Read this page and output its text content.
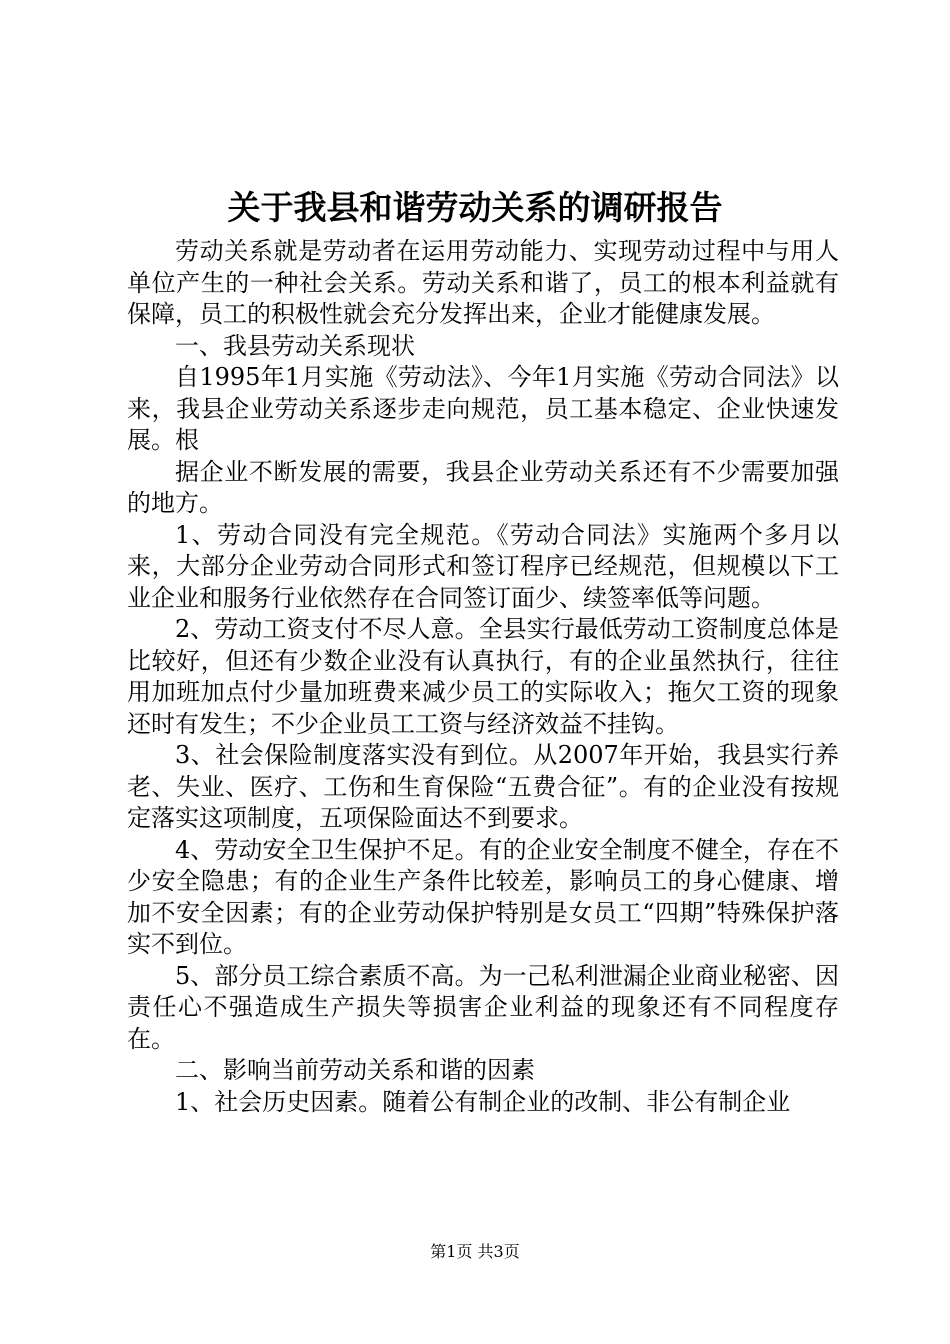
关于我县和谐劳动关系的调研报告

劳动关系就是劳动者在运用劳动能力、实现劳动过程中与用人单位产生的一种社会关系。劳动关系和谐了，员工的根本利益就有保障，员工的积极性就会充分发挥出来，企业才能健康发展。

一、我县劳动关系现状

自1995年1月实施《劳动法》、今年1月实施《劳动合同法》以来，我县企业劳动关系逐步走向规范，员工基本稳定、企业快速发展。根

据企业不断发展的需要，我县企业劳动关系还有不少需要加强的地方。

1、劳动合同没有完全规范。《劳动合同法》实施两个多月以来，大部分企业劳动合同形式和签订程序已经规范，但规模以下工业企业和服务行业依然存在合同签订面少、续签率低等问题。

2、劳动工资支付不尽人意。全县实行最低劳动工资制度总体是比较好，但还有少数企业没有认真执行，有的企业虽然执行，往往用加班加点付少量加班费来减少员工的实际收入；拖欠工资的现象还时有发生；不少企业员工工资与经济效益不挂钩。

3、社会保险制度落实没有到位。从2007年开始，我县实行养老、失业、医疗、工伤和生育保险“五费合征”。有的企业没有按规定落实这项制度，五项保险面达不到要求。

4、劳动安全卫生保护不足。有的企业安全制度不健全，存在不少安全隐患；有的企业生产条件比较差，影响员工的身心健康、增加不安全因素；有的企业劳动保护特别是女员工“四期”特殊保护落实不到位。

5、部分员工综合素质不高。为一己私利泄漏企业商业秘密、因责任心不强造成生产损失等损害企业利益的现象还有不同程度存在。

二、影响当前劳动关系和谐的因素

1、社会历史因素。随着公有制企业的改制、非公有制企业

第1页 共3页
